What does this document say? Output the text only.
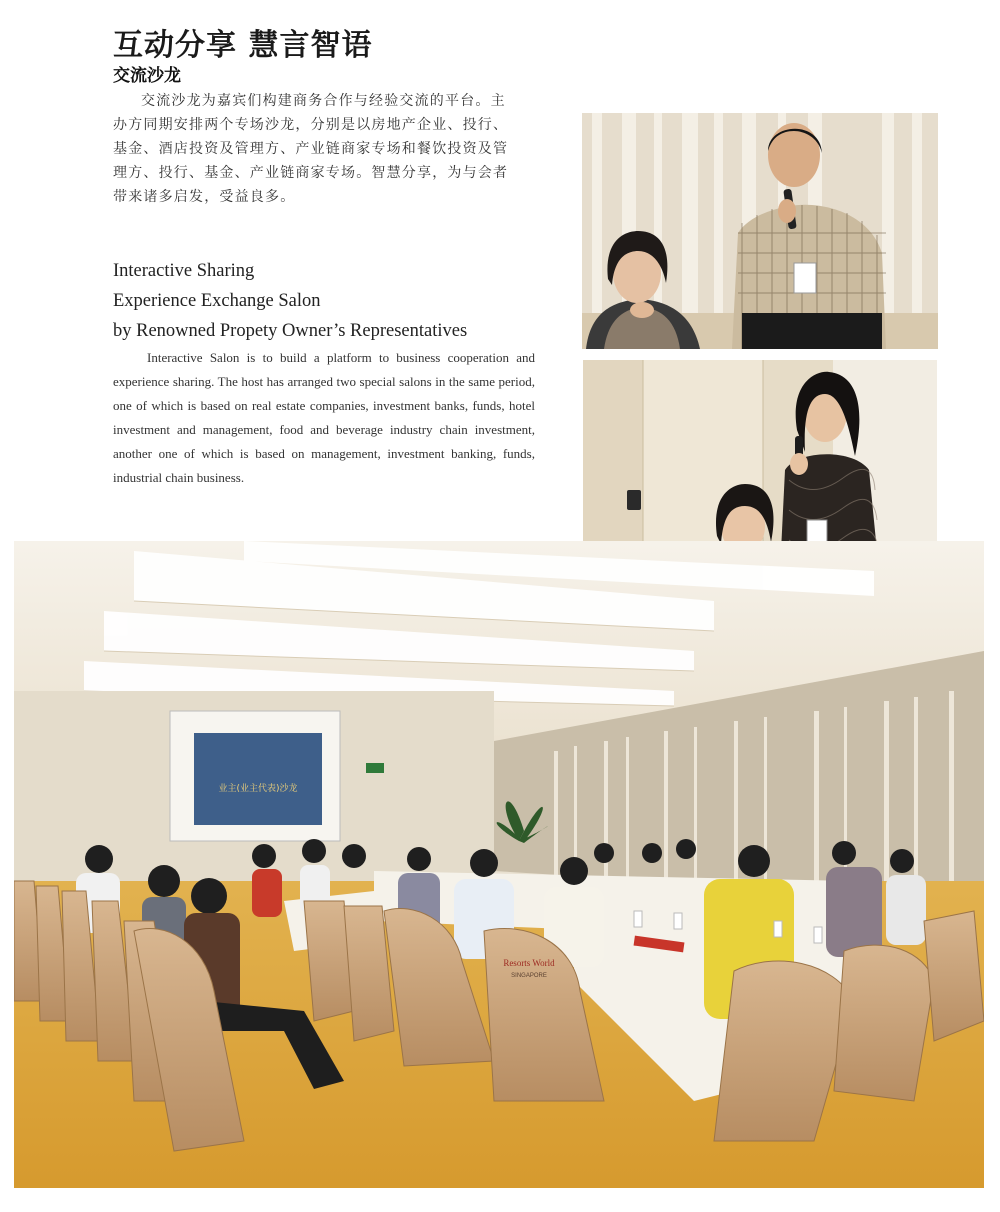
互动分享 慧言智语
交流沙龙

交流沙龙为嘉宾们构建商务合作与经验交流的平台。主办方同期安排两个专场沙龙，分别是以房地产企业、投行、基金、酒店投资及管理方、产业链商家专场和餐饮投资及管理方、投行、基金、产业链商家专场。智慧分享，为与会者带来诸多启发，受益良多。

Interactive Sharing
Experience Exchange Salon
by Renowned Propety Owner’s Representatives

Interactive Salon is to build a platform to business cooperation and experience sharing. The host has arranged two special salons in the same period, one of which is based on real estate companies, investment banks, funds, hotel investment and management, food and beverage industry chain investment, another one of which is based on management, investment banking, funds, industrial chain business.

业主(业主代表)沙龙
Resorts World
SINGAPORE
